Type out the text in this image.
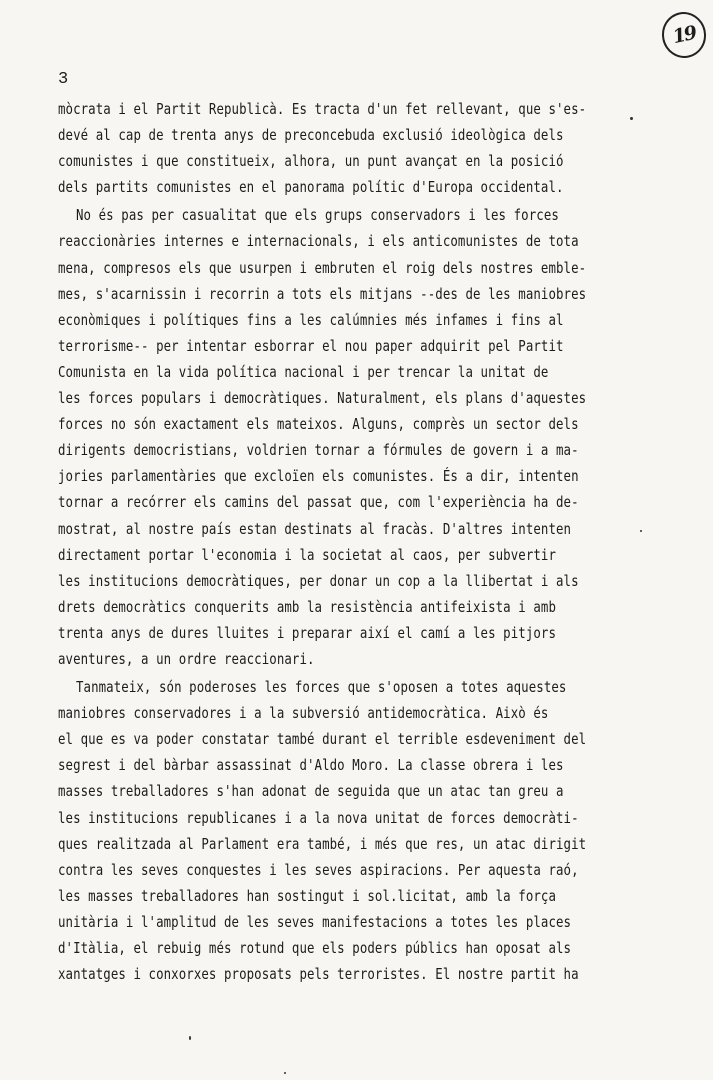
19
3
mòcrata i el Partit Republicà. Es tracta d'un fet rellevant, que s'es-
devé al cap de trenta anys de preconcebuda exclusió ideològica dels
comunistes i que constitueix, alhora, un punt avançat en la posició
dels partits comunistes en el panorama polític d'Europa occidental.
No és pas per casualitat que els grups conservadors i les forces
reaccionàries internes e internacionals, i els anticomunistes de tota
mena, compresos els que usurpen i embruten el roig dels nostres emble-
mes, s'acarnissin i recorrin a tots els mitjans --des de les maniobres
econòmiques i polítiques fins a les calúmnies més infames i fins al
terrorisme-- per intentar esborrar el nou paper adquirit pel Partit
Comunista en la vida política nacional i per trencar la unitat de
les forces populars i democràtiques. Naturalment, els plans d'aquestes
forces no són exactament els mateixos. Alguns, comprès un sector dels
dirigents democristians, voldrien tornar a fórmules de govern i a ma-
jories parlamentàries que excloïen els comunistes. És a dir, intenten
tornar a recórrer els camins del passat que, com l'experiència ha de-
mostrat, al nostre país estan destinats al fracàs. D'altres intenten
directament portar l'economia i la societat al caos, per subvertir
les institucions democràtiques, per donar un cop a la llibertat i als
drets democràtics conquerits amb la resistència antifeixista i amb
trenta anys de dures lluites i preparar així el camí a les pitjors
aventures, a un ordre reaccionari.
Tanmateix, són poderoses les forces que s'oposen a totes aquestes
maniobres conservadores i a la subversió antidemocràtica. Això és
el que es va poder constatar també durant el terrible esdeveniment del
segrest i del bàrbar assassinat d'Aldo Moro. La classe obrera i les
masses treballadores s'han adonat de seguida que un atac tan greu a
les institucions republicanes i a la nova unitat de forces democràti-
ques realitzada al Parlament era també, i més que res, un atac dirigit
contra les seves conquestes i les seves aspiracions. Per aquesta raó,
les masses treballadores han sostingut i sol.licitat, amb la força
unitària i l'amplitud de les seves manifestacions a totes les places
d'Itàlia, el rebuig més rotund que els poders públics han oposat als
xantatges i conxorxes proposats pels terroristes. El nostre partit ha
